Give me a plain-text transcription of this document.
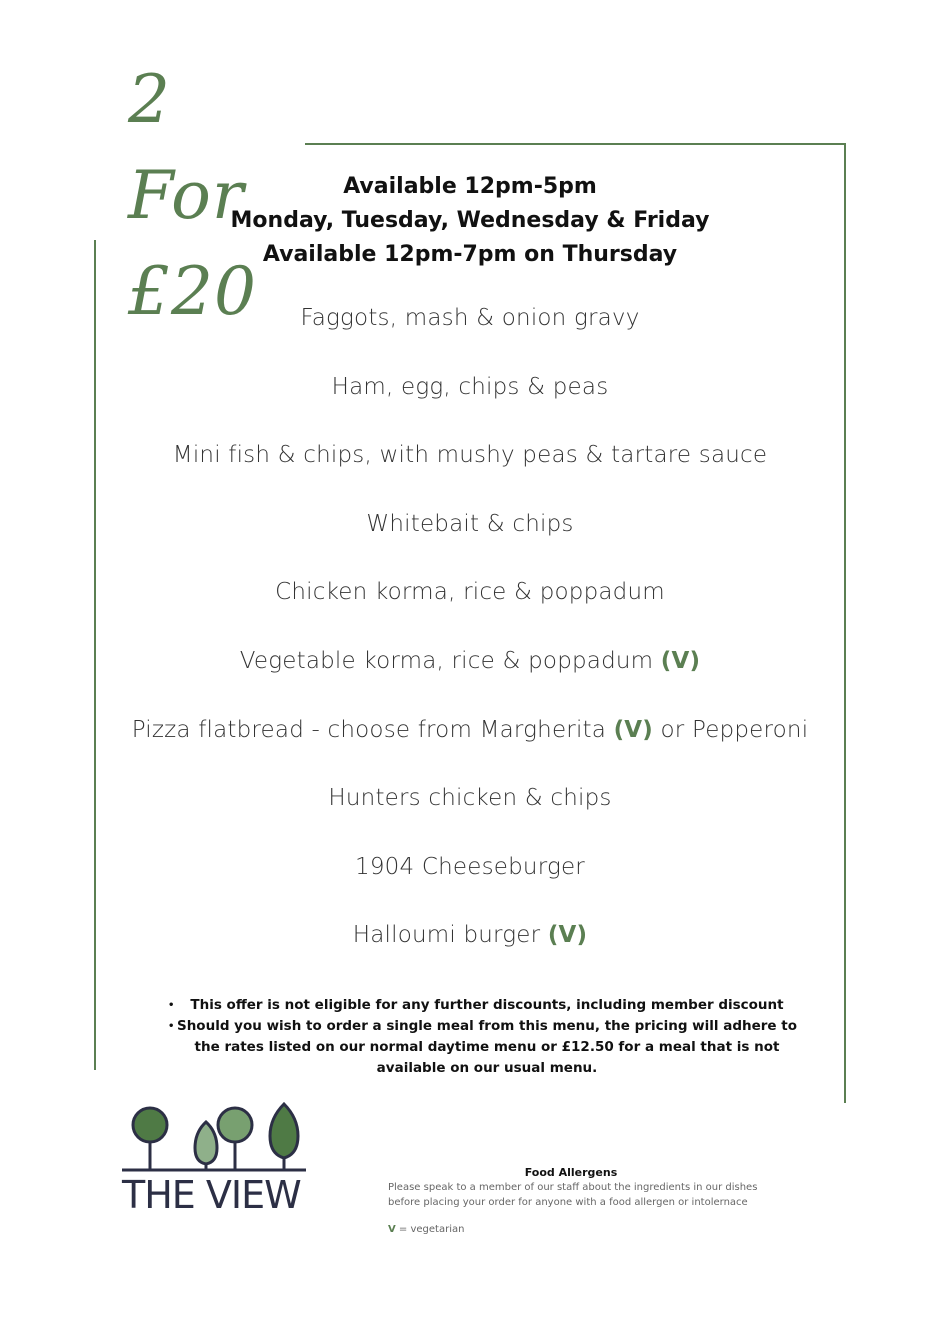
2 For
£20
Available 12pm-5pm
Monday, Tuesday, Wednesday & Friday
Available 12pm-7pm on Thursday
Faggots, mash & onion gravy
Ham, egg, chips & peas
Mini fish & chips, with mushy peas & tartare sauce
Whitebait & chips
Chicken korma, rice & poppadum
Vegetable korma, rice & poppadum (V)
Pizza flatbread - choose from Margherita (V) or Pepperoni
Hunters chicken & chips
1904 Cheeseburger
Halloumi burger (V)
• This offer is not eligible for any further discounts, including member discount
• Should you wish to order a single meal from this menu, the pricing will adhere to the rates listed on our normal daytime menu or £12.50 for a meal that is not available on our usual menu.
THE VIEW
Food Allergens
Please speak to a member of our staff about the ingredients in our dishes
before placing your order for anyone with a food allergen or intolernace
V = vegetarian
